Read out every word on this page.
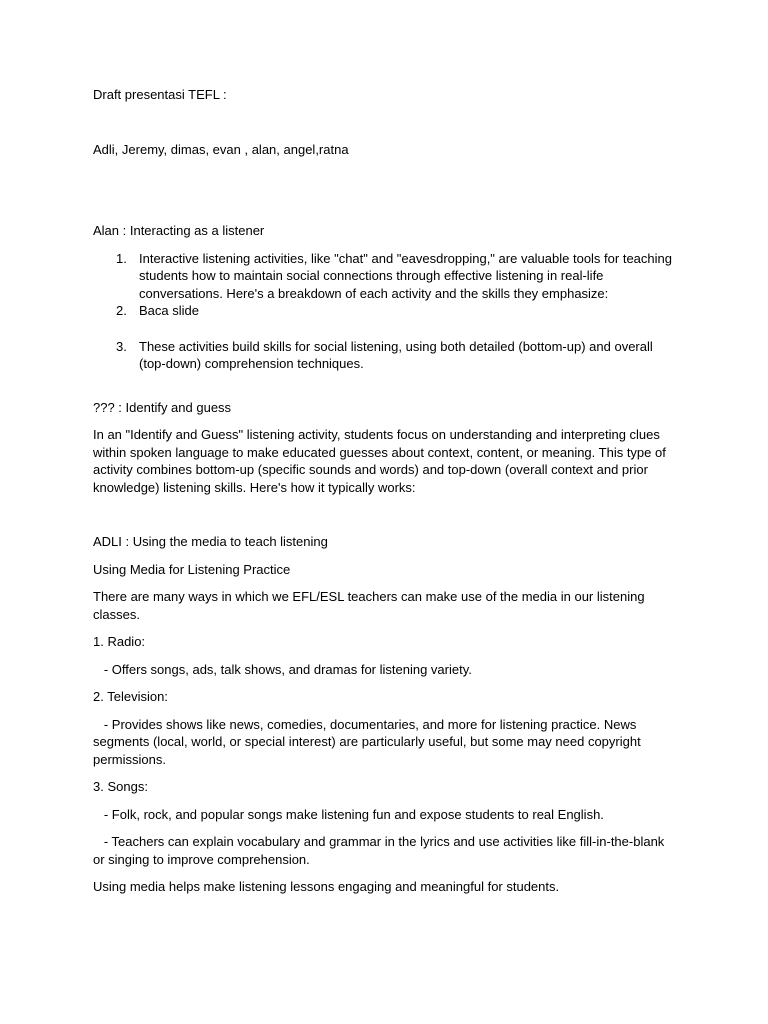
Draft presentasi TEFL :

Adli, Jeremy, dimas, evan , alan, angel,ratna

Alan : Interacting as a listener

1. Interactive listening activities, like "chat" and "eavesdropping," are valuable tools for teaching students how to maintain social connections through effective listening in real-life conversations. Here's a breakdown of each activity and the skills they emphasize:
2. Baca slide
3. These activities build skills for social listening, using both detailed (bottom-up) and overall (top-down) comprehension techniques.

??? : Identify and guess

In an "Identify and Guess" listening activity, students focus on understanding and interpreting clues within spoken language to make educated guesses about context, content, or meaning. This type of activity combines bottom-up (specific sounds and words) and top-down (overall context and prior knowledge) listening skills. Here's how it typically works:

ADLI : Using the media to teach listening

Using Media for Listening Practice

There are many ways in which we EFL/ESL teachers can make use of the media in our listening classes.

1. Radio:

- Offers songs, ads, talk shows, and dramas for listening variety.

2. Television:

- Provides shows like news, comedies, documentaries, and more for listening practice. News segments (local, world, or special interest) are particularly useful, but some may need copyright permissions.

3. Songs:

- Folk, rock, and popular songs make listening fun and expose students to real English.

- Teachers can explain vocabulary and grammar in the lyrics and use activities like fill-in-the-blank or singing to improve comprehension.

Using media helps make listening lessons engaging and meaningful for students.
